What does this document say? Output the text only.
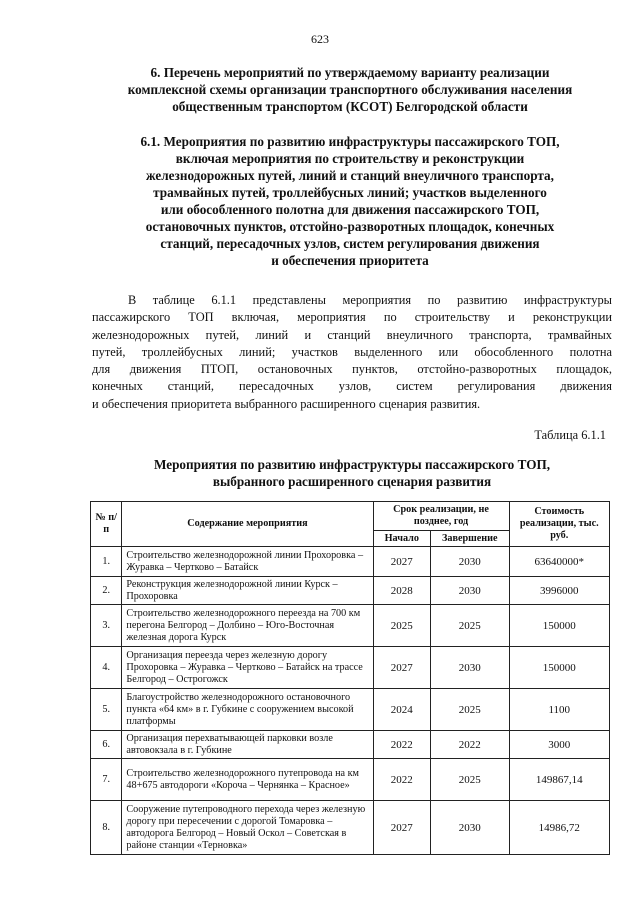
623
6. Перечень мероприятий по утверждаемому варианту реализации
комплексной схемы организации транспортного обслуживания населения
общественным транспортом (КСОТ) Белгородской области
6.1. Мероприятия по развитию инфраструктуры пассажирского ТОП,
включая мероприятия по строительству и реконструкции
железнодорожных путей, линий и станций внеуличного транспорта,
трамвайных путей, троллейбусных линий; участков выделенного
или обособленного полотна для движения пассажирского ТОП,
остановочных пунктов, отстойно-разворотных площадок, конечных
станций, пересадочных узлов, систем регулирования движения
и обеспечения приоритета
В таблице 6.1.1 представлены мероприятия по развитию инфраструктуры
пассажирского ТОП включая, мероприятия по строительству и реконструкции
железнодорожных путей, линий и станций внеуличного транспорта, трамвайных
путей, троллейбусных линий; участков выделенного или обособленного полотна
для движения ПТОП, остановочных пунктов, отстойно-разворотных площадок,
конечных станций, пересадочных узлов, систем регулирования движения
и обеспечения приоритета выбранного расширенного сценария развития.
Таблица 6.1.1
Мероприятия по развитию инфраструктуры пассажирского ТОП,
выбранного расширенного сценария развития
№ п/п	Содержание мероприятия	Срок реализации, не позднее, год		Стоимость реализации, тыс. руб.
		Начало	Завершение	
1.	Строительство железнодорожной линии Прохоровка – Журавка – Чертково – Батайск	2027	2030	63640000*
2.	Реконструкция железнодорожной линии Курск – Прохоровка	2028	2030	3996000
3.	Строительство железнодорожного переезда на 700 км перегона Белгород – Долбино – Юго-Восточная железная дорога Курск	2025	2025	150000
4.	Организация переезда через железную дорогу Прохоровка – Журавка – Чертково – Батайск на трассе Белгород – Острогожск	2027	2030	150000
5.	Благоустройство железнодорожного остановочного пункта «64 км» в г. Губкине с сооружением высокой платформы	2024	2025	1100
6.	Организация перехватывающей парковки возле автовокзала в г. Губкине	2022	2022	3000
7.	Строительство железнодорожного путепровода на км 48+675 автодороги «Короча – Чернянка – Красное»	2022	2025	149867,14
8.	Сооружение путепроводного перехода через железную дорогу при пересечении с дорогой Томаровка – автодорога Белгород – Новый Оскол – Советская в районе станции «Терновка»	2027	2030	14986,72
